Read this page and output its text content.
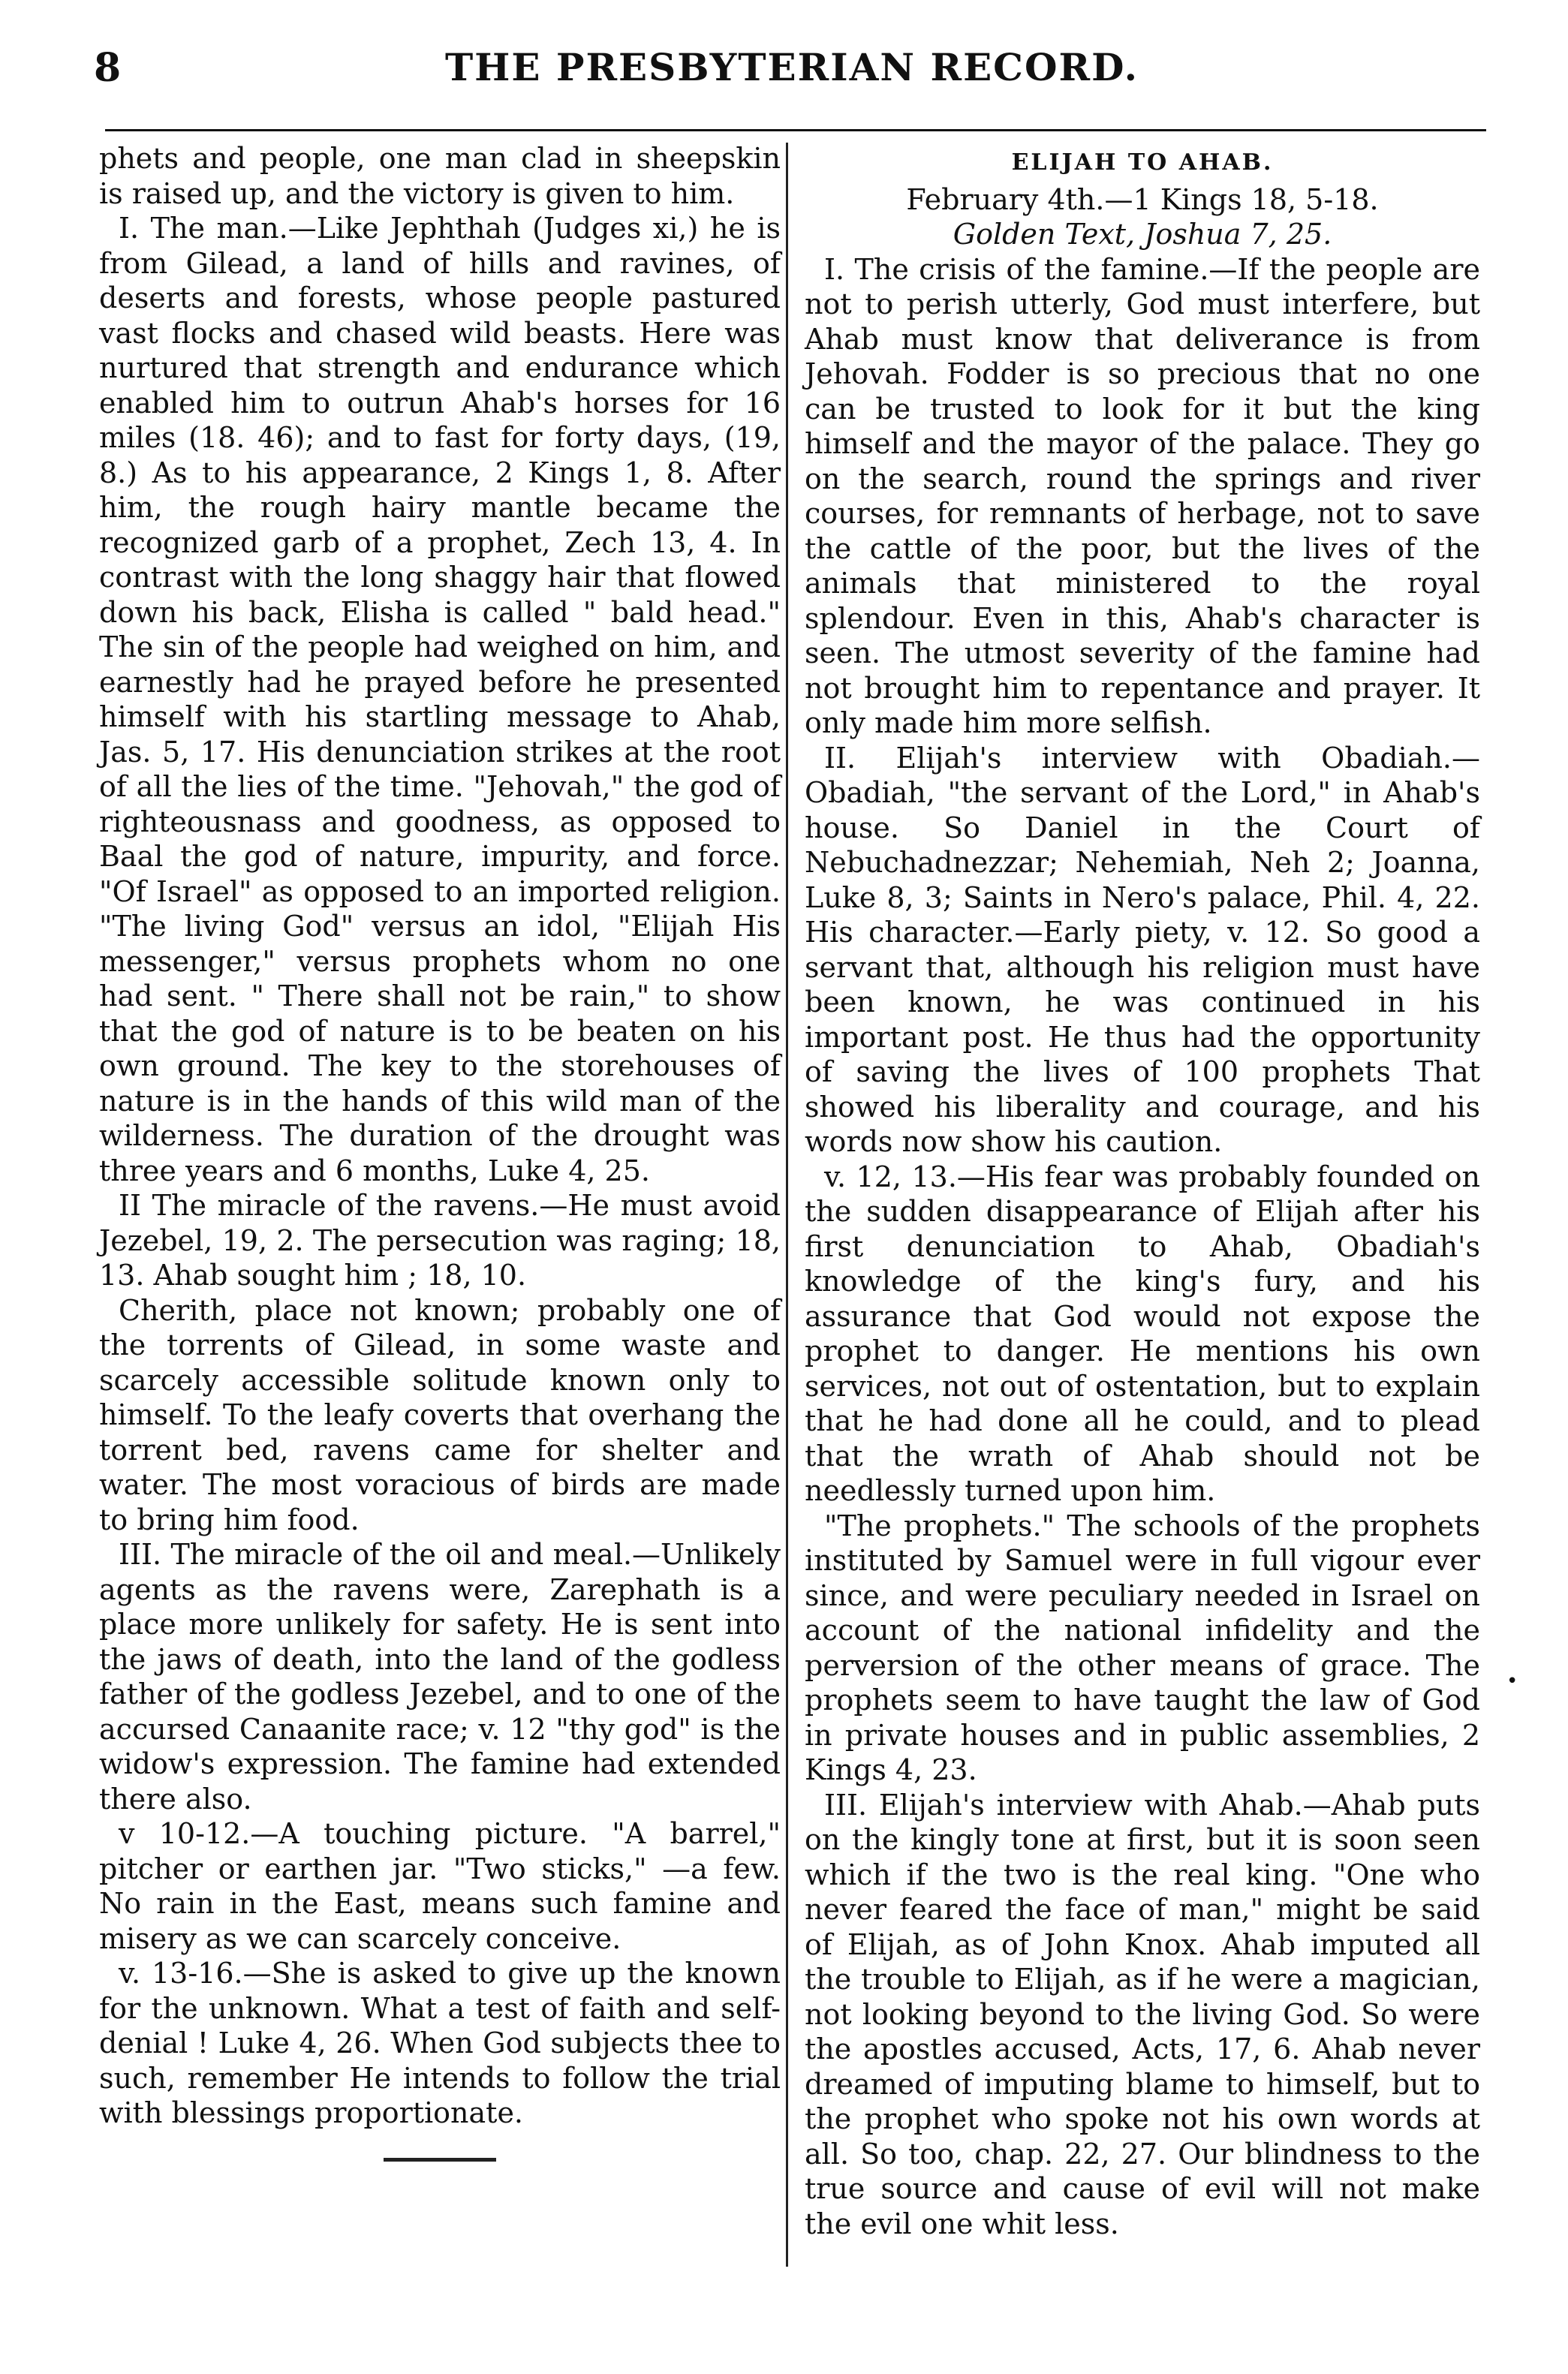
8	THE PRESBYTERIAN RECORD.

phets and people, one man clad in sheepskin is raised up, and the victory is given to him.

I. The man.—Like Jephthah (Judges xi,) he is from Gilead, a land of hills and ravines, of deserts and forests, whose people pastured vast flocks and chased wild beasts. Here was nurtured that strength and endurance which enabled him to outrun Ahab's horses for 16 miles (18. 46); and to fast for forty days, (19, 8.) As to his appearance, 2 Kings 1, 8. After him, the rough hairy mantle became the recognized garb of a prophet, Zech 13, 4. In contrast with the long shaggy hair that flowed down his back, Elisha is called " bald head." The sin of the people had weighed on him, and earnestly had he prayed before he presented himself with his startling message to Ahab, Jas. 5, 17. His denunciation strikes at the root of all the lies of the time. "Jehovah," the god of righteousnass and goodness, as opposed to Baal the god of nature, impurity, and force. "Of Israel" as opposed to an imported religion. "The living God" versus an idol, "Elijah His messenger," versus prophets whom no one had sent. " There shall not be rain," to show that the god of nature is to be beaten on his own ground. The key to the storehouses of nature is in the hands of this wild man of the wilderness. The duration of the drought was three years and 6 months, Luke 4, 25.

II The miracle of the ravens.—He must avoid Jezebel, 19, 2. The persecution was raging; 18, 13. Ahab sought him ; 18, 10.

Cherith, place not known; probably one of the torrents of Gilead, in some waste and scarcely accessible solitude known only to himself. To the leafy coverts that overhang the torrent bed, ravens came for shelter and water. The most voracious of birds are made to bring him food.

III. The miracle of the oil and meal.—Unlikely agents as the ravens were, Zarephath is a place more unlikely for safety. He is sent into the jaws of death, into the land of the godless father of the godless Jezebel, and to one of the accursed Canaanite race; v. 12 "thy god" is the widow's expression. The famine had extended there also.

v 10-12.—A touching picture. "A barrel," pitcher or earthen jar. "Two sticks," —a few. No rain in the East, means such famine and misery as we can scarcely conceive.

v. 13-16.—She is asked to give up the known for the unknown. What a test of faith and self-denial ! Luke 4, 26. When God subjects thee to such, remember He intends to follow the trial with blessings proportionate.

ELIJAH TO AHAB.

February 4th.—1 Kings 18, 5-18.

Golden Text, Joshua 7, 25.

I. The crisis of the famine.—If the people are not to perish utterly, God must interfere, but Ahab must know that deliverance is from Jehovah. Fodder is so precious that no one can be trusted to look for it but the king himself and the mayor of the palace. They go on the search, round the springs and river courses, for remnants of herbage, not to save the cattle of the poor, but the lives of the animals that ministered to the royal splendour. Even in this, Ahab's character is seen. The utmost severity of the famine had not brought him to repentance and prayer. It only made him more selfish.

II. Elijah's interview with Obadiah.—Obadiah, "the servant of the Lord," in Ahab's house. So Daniel in the Court of Nebuchadnezzar; Nehemiah, Neh 2; Joanna, Luke 8, 3; Saints in Nero's palace, Phil. 4, 22. His character.—Early piety, v. 12. So good a servant that, although his religion must have been known, he was continued in his important post. He thus had the opportunity of saving the lives of 100 prophets That showed his liberality and courage, and his words now show his caution.

v. 12, 13.—His fear was probably founded on the sudden disappearance of Elijah after his first denunciation to Ahab, Obadiah's knowledge of the king's fury, and his assurance that God would not expose the prophet to danger. He mentions his own services, not out of ostentation, but to explain that he had done all he could, and to plead that the wrath of Ahab should not be needlessly turned upon him.

"The prophets." The schools of the prophets instituted by Samuel were in full vigour ever since, and were peculiary needed in Israel on account of the national infidelity and the perversion of the other means of grace. The prophets seem to have taught the law of God in private houses and in public assemblies, 2 Kings 4, 23.

III. Elijah's interview with Ahab.—Ahab puts on the kingly tone at first, but it is soon seen which if the two is the real king. "One who never feared the face of man," might be said of Elijah, as of John Knox. Ahab imputed all the trouble to Elijah, as if he were a magician, not looking beyond to the living God. So were the apostles accused, Acts, 17, 6. Ahab never dreamed of imputing blame to himself, but to the prophet who spoke not his own words at all. So too, chap. 22, 27. Our blindness to the true source and cause of evil will not make the evil one whit less.

•
